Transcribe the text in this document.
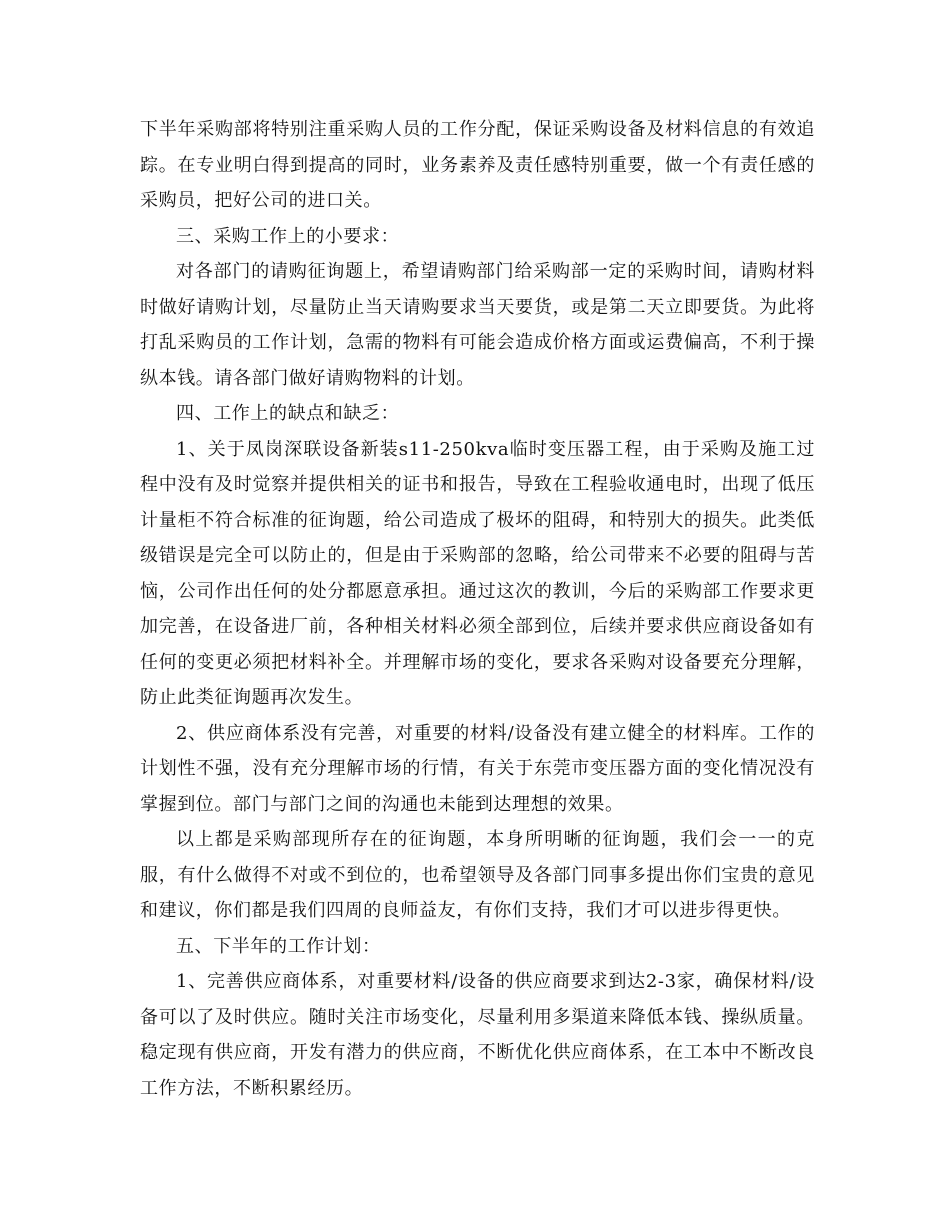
下半年采购部将特别注重采购人员的工作分配，保证采购设备及材料信息的有效追踪。在专业明白得到提高的同时，业务素养及责任感特别重要，做一个有责任感的采购员，把好公司的进口关。

三、采购工作上的小要求：

对各部门的请购征询题上，希望请购部门给采购部一定的采购时间，请购材料时做好请购计划，尽量防止当天请购要求当天要货，或是第二天立即要货。为此将打乱采购员的工作计划，急需的物料有可能会造成价格方面或运费偏高，不利于操纵本钱。请各部门做好请购物料的计划。

四、工作上的缺点和缺乏：

1、关于凤岗深联设备新装s11-250kva临时变压器工程，由于采购及施工过程中没有及时觉察并提供相关的证书和报告，导致在工程验收通电时，出现了低压计量柜不符合标准的征询题，给公司造成了极坏的阻碍，和特别大的损失。此类低级错误是完全可以防止的，但是由于采购部的忽略，给公司带来不必要的阻碍与苦恼，公司作出任何的处分都愿意承担。通过这次的教训，今后的采购部工作要求更加完善，在设备进厂前，各种相关材料必须全部到位，后续并要求供应商设备如有任何的变更必须把材料补全。并理解市场的变化，要求各采购对设备要充分理解，防止此类征询题再次发生。

2、供应商体系没有完善，对重要的材料/设备没有建立健全的材料库。工作的计划性不强，没有充分理解市场的行情，有关于东莞市变压器方面的变化情况没有掌握到位。部门与部门之间的沟通也未能到达理想的效果。

以上都是采购部现所存在的征询题，本身所明晰的征询题，我们会一一的克服，有什么做得不对或不到位的，也希望领导及各部门同事多提出你们宝贵的意见和建议，你们都是我们四周的良师益友，有你们支持，我们才可以进步得更快。

五、下半年的工作计划：

1、完善供应商体系，对重要材料/设备的供应商要求到达2-3家，确保材料/设备可以了及时供应。随时关注市场变化，尽量利用多渠道来降低本钱、操纵质量。稳定现有供应商，开发有潜力的供应商，不断优化供应商体系，在工本中不断改良工作方法，不断积累经历。
